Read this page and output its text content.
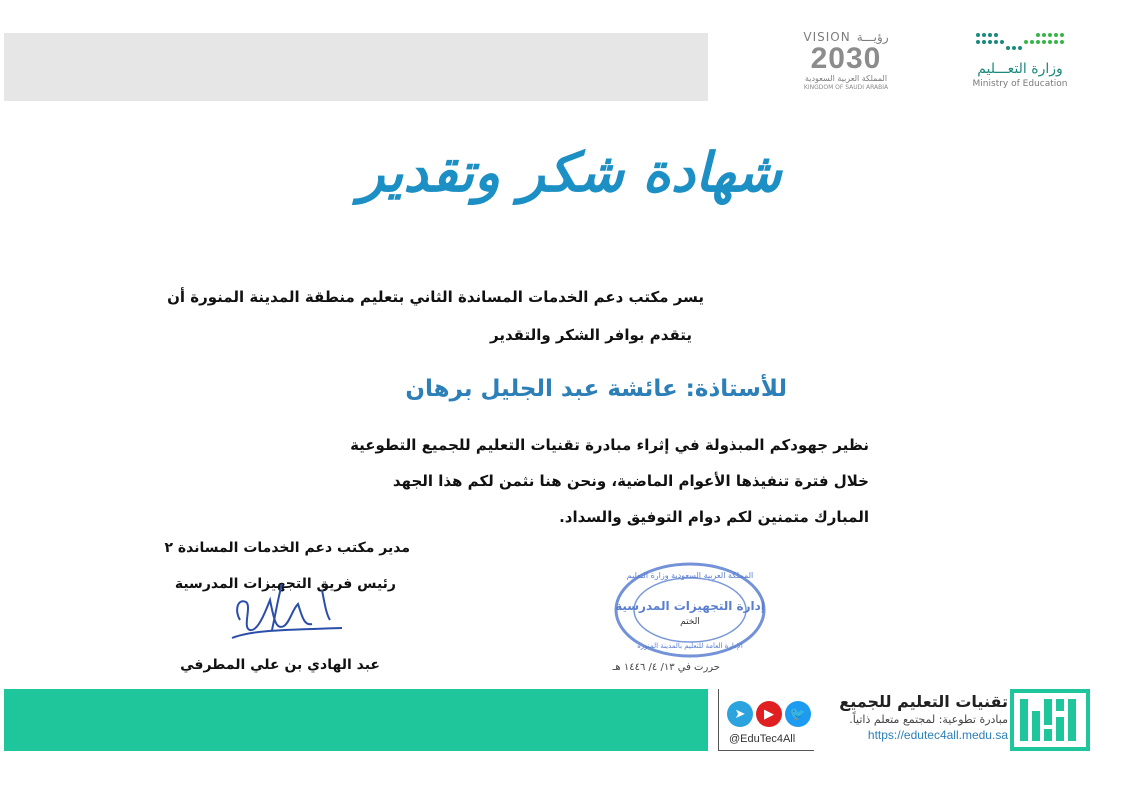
VISION رؤيـــة
2030
المملكة العربية السعودية
KINGDOM OF SAUDI ARABIA
وزارة التعـــليم
Ministry of Education
شهادة شكر وتقدير
يسر مكتب دعم الخدمات المساندة الثاني بتعليم منطقة المدينة المنورة أن
يتقدم بوافر الشكر والتقدير
للأستاذة: عائشة عبد الجليل برهان
نظير جهودكم المبذولة في إثراء مبادرة تقنيات التعليم للجميع التطوعية
خلال فترة تنفيذها الأعوام الماضية، ونحن هنا نثمن لكم هذا الجهد
المبارك متمنين لكم دوام التوفيق والسداد.
مدير مكتب دعم الخدمات المساندة ٢
رئيس فريق التجهيزات المدرسية
عبد الهادي بن علي المطرفي
المملكة العربية السعودية وزارة التعليم
إدارة التجهيزات المدرسية
الختم
الإدارة العامة للتعليم بالمدينة المنورة
حررت في ١٣/ ٤/ ١٤٤٦ هـ
➤	▶	🐦
@EduTec4All
تقنيات التعليم للجميع
مبادرة تطوعية: لمجتمع متعلم ذاتياً.
https://edutec4all.medu.sa
